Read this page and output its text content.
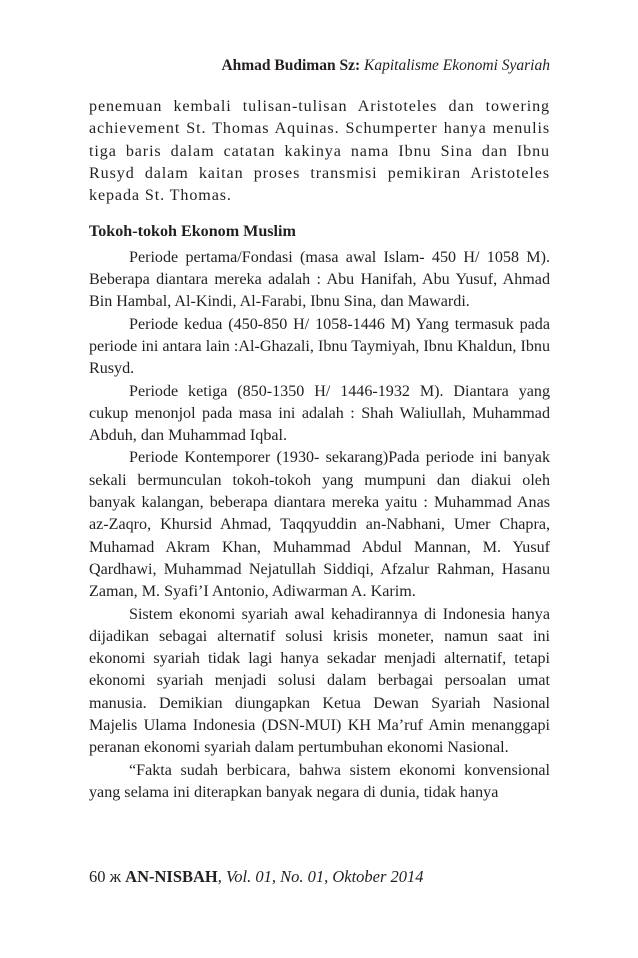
Ahmad Budiman Sz: Kapitalisme Ekonomi Syariah

penemuan kembali tulisan-tulisan Aristoteles dan towering achievement St. Thomas Aquinas. Schumperter hanya menulis tiga baris dalam catatan kakinya nama Ibnu Sina dan Ibnu Rusyd dalam kaitan proses transmisi pemikiran Aristoteles kepada St. Thomas.

Tokoh-tokoh Ekonom Muslim

Periode pertama/Fondasi (masa awal Islam- 450 H/ 1058 M). Beberapa diantara mereka adalah : Abu Hanifah, Abu Yusuf, Ahmad Bin Hambal, Al-Kindi, Al-Farabi, Ibnu Sina, dan Mawardi.

Periode kedua (450-850 H/ 1058-1446 M) Yang termasuk pada periode ini antara lain :Al-Ghazali, Ibnu Taymiyah, Ibnu Khaldun, Ibnu Rusyd.

Periode ketiga (850-1350 H/ 1446-1932 M). Diantara yang cukup menonjol pada masa ini adalah : Shah Waliullah, Muhammad Abduh, dan Muhammad Iqbal.

Periode Kontemporer (1930- sekarang)Pada periode ini banyak sekali bermunculan tokoh-tokoh yang mumpuni dan diakui oleh banyak kalangan, beberapa diantara mereka yaitu : Muhammad Anas az-Zaqro, Khursid Ahmad, Taqqyuddin an-Nabhani, Umer Chapra, Muhamad Akram Khan, Muhammad Abdul Mannan, M. Yusuf Qardhawi, Muhammad Nejatullah Siddiqi, Afzalur Rahman, Hasanu Zaman, M. Syafi’I Antonio, Adiwarman A. Karim.

Sistem ekonomi syariah awal kehadirannya di Indonesia hanya dijadikan sebagai alternatif solusi krisis moneter, namun saat ini ekonomi syariah tidak lagi hanya sekadar menjadi alternatif, tetapi ekonomi syariah menjadi solusi dalam berbagai persoalan umat manusia. Demikian diungapkan Ketua Dewan Syariah Nasional Majelis Ulama Indonesia (DSN-MUI) KH Ma’ruf Amin menanggapi peranan ekonomi syariah dalam pertumbuhan ekonomi Nasional.

“Fakta sudah berbicara, bahwa sistem ekonomi konvensional yang selama ini diterapkan banyak negara di dunia, tidak hanya

60 ж AN-NISBAH, Vol. 01, No. 01, Oktober 2014
